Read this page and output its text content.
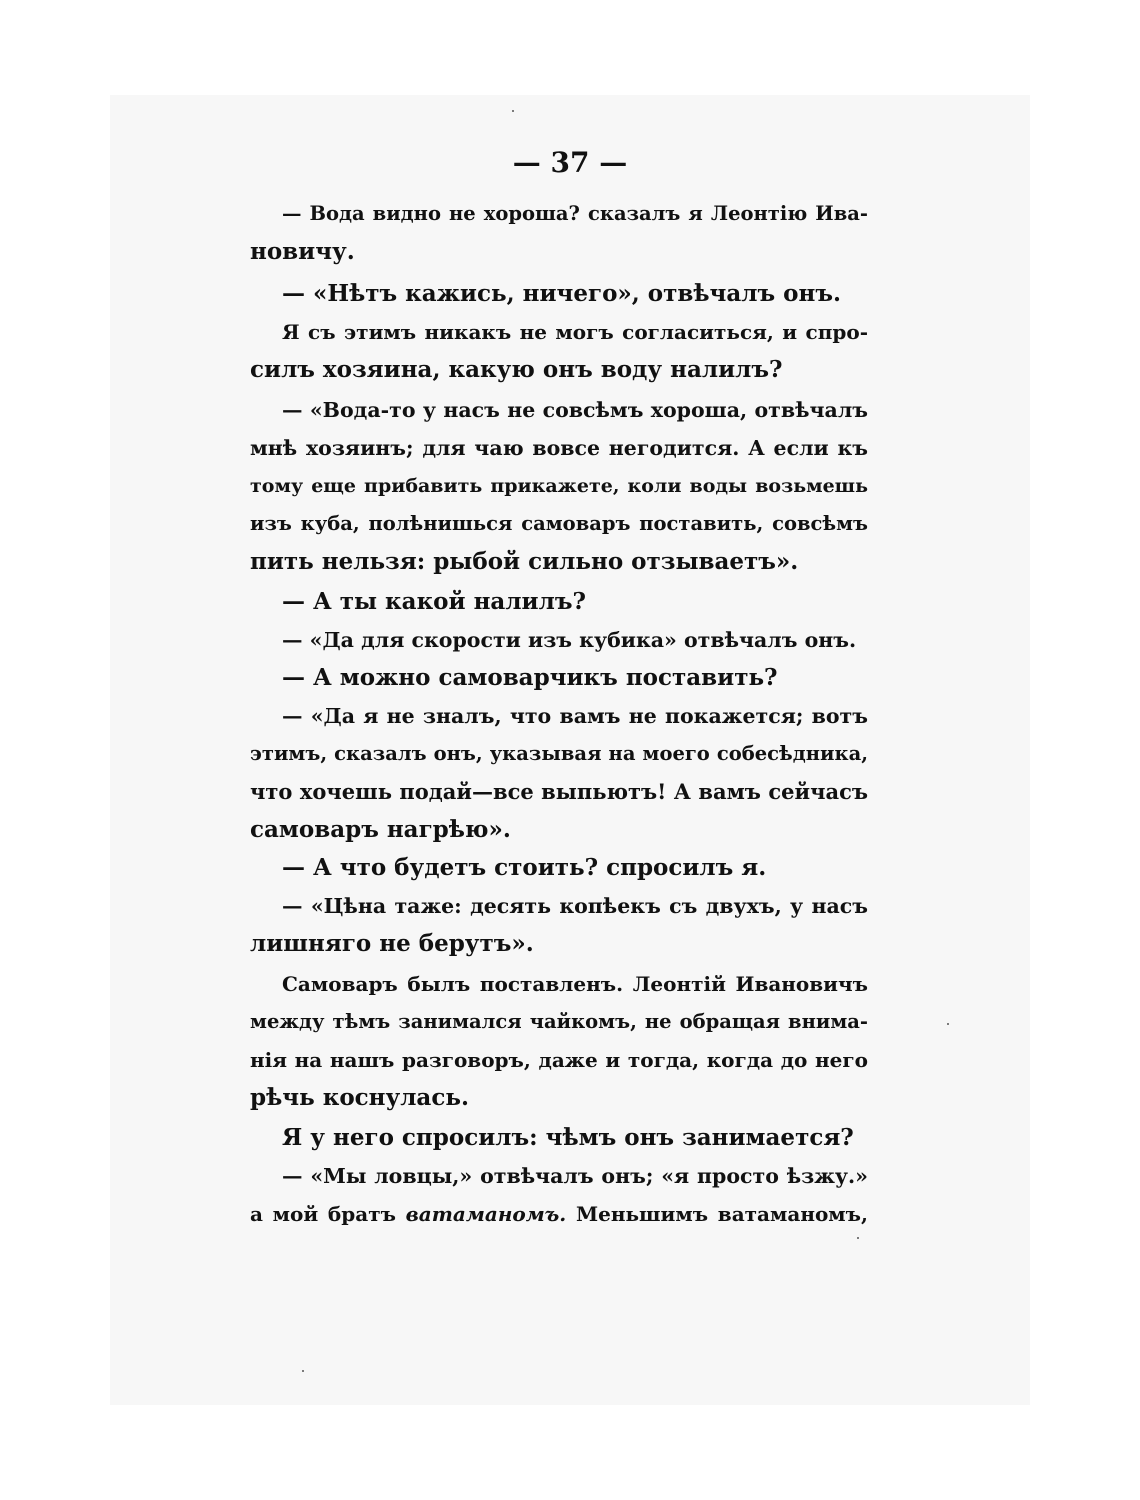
— 37 —
— Вода видно не хороша? сказалъ я Леонтію Ива-
новичу.
— «Нѣтъ кажись, ничего», отвѣчалъ онъ.
Я съ этимъ никакъ не могъ согласиться, и спро-
силъ хозяина, какую онъ воду налилъ?
— «Вода-то у насъ не совсѣмъ хороша, отвѣчалъ
мнѣ хозяинъ; для чаю вовсе негодится. А если къ
тому еще прибавить прикажете, коли воды возьмешь
изъ куба, полѣнишься самоваръ поставить, совсѣмъ
пить нельзя: рыбой сильно отзываетъ».
— А ты какой налилъ?
— «Да для скорости изъ кубика» отвѣчалъ онъ.
— А можно самоварчикъ поставить?
— «Да я не зналъ, что вамъ не покажется; вотъ
этимъ, сказалъ онъ, указывая на моего собесѣдника,
что хочешь подай—все выпьютъ! А вамъ сейчасъ
самоваръ нагрѣю».
— А что будетъ стоить? спросилъ я.
— «Цѣна таже: десять копѣекъ съ двухъ, у насъ
лишняго не берутъ».
Самоваръ былъ поставленъ. Леонтій Ивановичъ
между тѣмъ занимался чайкомъ, не обращая внима-
нія на нашъ разговоръ, даже и тогда, когда до него
рѣчь коснулась.
Я у него спросилъ: чѣмъ онъ занимается?
— «Мы ловцы,» отвѣчалъ онъ; «я просто ѣзжу.»
а мой братъ ватаманомъ. Меньшимъ ватаманомъ,
